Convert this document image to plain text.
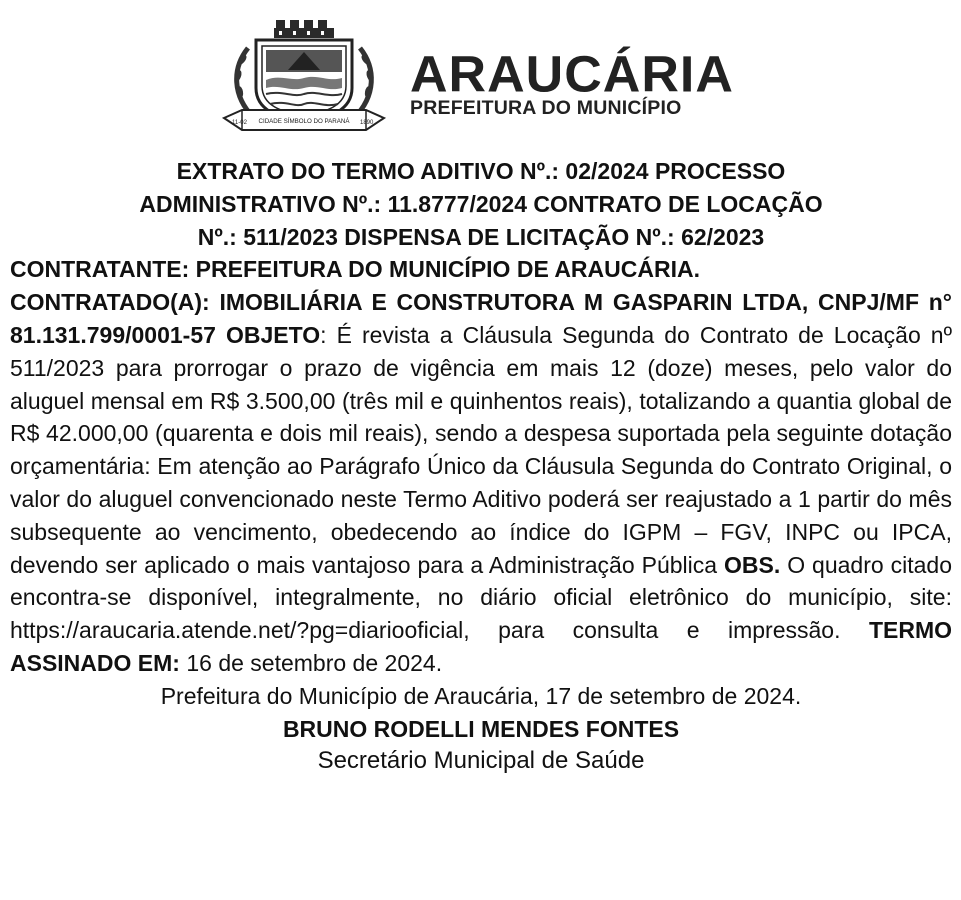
11-02 CIDADE SÍMBOLO DO PARANÁ 1890
ARAUCÁRIA
PREFEITURA DO MUNICÍPIO
EXTRATO DO TERMO ADITIVO Nº.: 02/2024 PROCESSO
ADMINISTRATIVO Nº.: 11.8777/2024 CONTRATO DE LOCAÇÃO
Nº.: 511/2023 DISPENSA DE LICITAÇÃO Nº.: 62/2023
CONTRATANTE: PREFEITURA DO MUNICÍPIO DE ARAUCÁRIA.

CONTRATADO(A): IMOBILIÁRIA E CONSTRUTORA M GASPARIN LTDA, CNPJ/MF n° 81.131.799/0001-57 OBJETO: É revista a Cláusula Segunda do Contrato de Locação nº 511/2023 para prorrogar o prazo de vigência em mais 12 (doze) meses, pelo valor do aluguel mensal em R$ 3.500,00 (três mil e quinhentos reais), totalizando a quantia global de R$ 42.000,00 (quarenta e dois mil reais), sendo a despesa suportada pela seguinte dotação orçamentária: Em atenção ao Parágrafo Único da Cláusula Segunda do Contrato Original, o valor do aluguel convencionado neste Termo Aditivo poderá ser reajustado a 1 partir do mês subsequente ao vencimento, obedecendo ao índice do IGPM – FGV, INPC ou IPCA, devendo ser aplicado o mais vantajoso para a Administração Pública OBS. O quadro citado encontra-se disponível, integralmente, no diário oficial eletrônico do município, site: https://araucaria.atende.net/?pg=diariooficial, para consulta e impressão. TERMO ASSINADO EM: 16 de setembro de 2024.

Prefeitura do Município de Araucária, 17 de setembro de 2024.
BRUNO RODELLI MENDES FONTES
Secretário Municipal de Saúde
